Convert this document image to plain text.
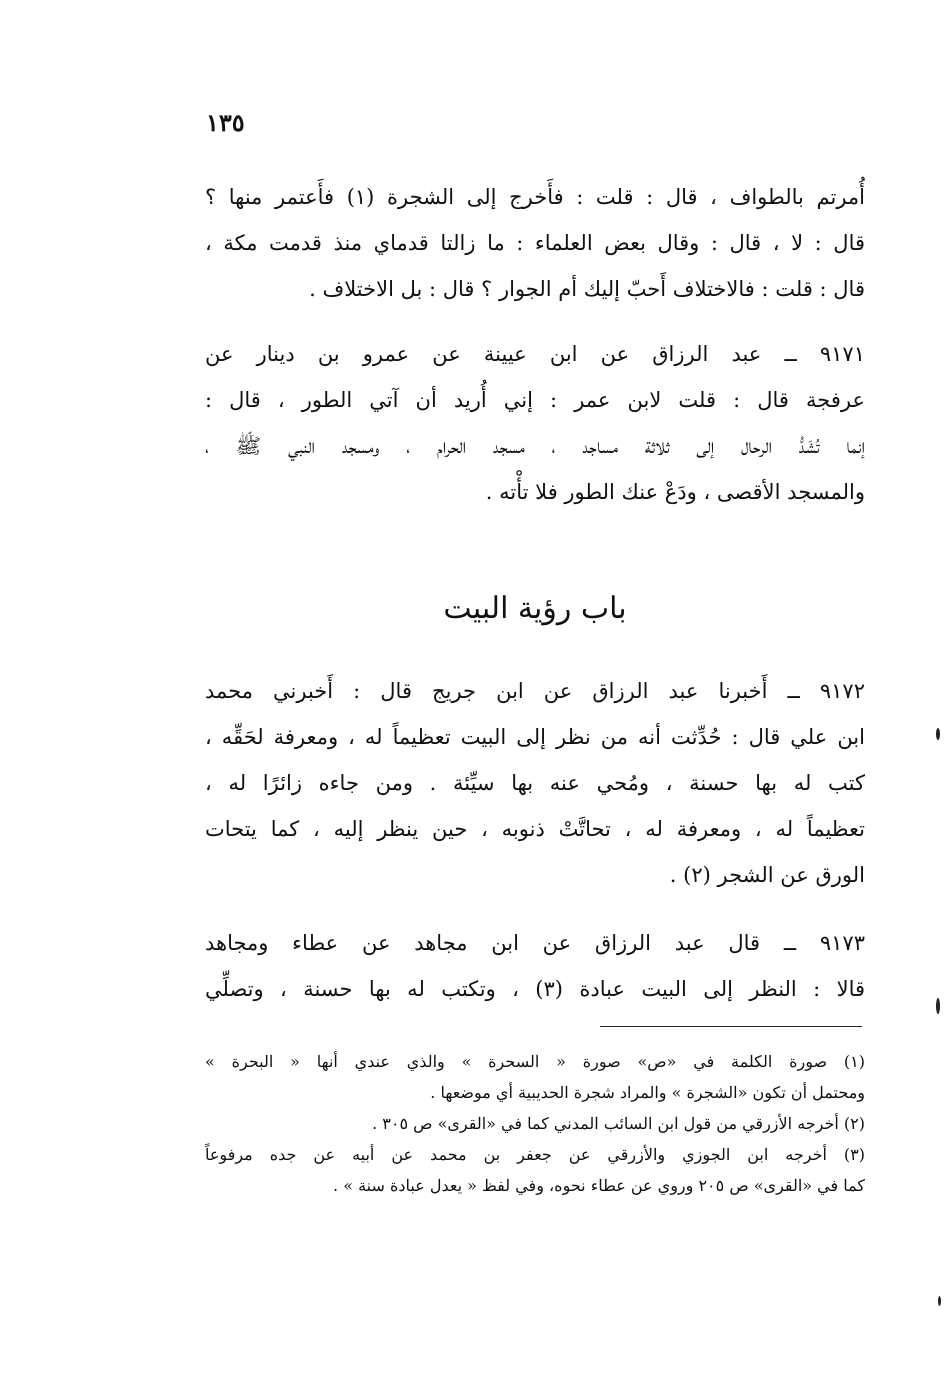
١٣٥
أُمرتم بالطواف ، قال : قلت : فأَخرج إلى الشجرة (١) فأَعتمر منها ؟
قال : لا ، قال : وقال بعض العلماء : ما زالتا قدماي منذ قدمت مكة ،
قال : قلت : فالاختلاف أَحبّ إليك أم الجوار ؟ قال : بل الاختلاف .
٩١٧١ ــ عبد الرزاق عن ابن عيينة عن عمرو بن دينار عن
عرفجة قال : قلت لابن عمر : إني أُريد أن آتي الطور ، قال :
إنما تُشَدُّ الرحال إلى ثلاثة مساجد ، مسجد الحرام ، ومسجد النبي ﷺ ،
والمسجد الأقصى ، ودَعْ عنك الطور فلا تأْته .
باب رؤية البيت
٩١٧٢ ــ أَخبرنا عبد الرزاق عن ابن جريج قال : أَخبرني محمد
ابن علي قال : حُدِّثت أنه من نظر إلى البيت تعظيماً له ، ومعرفة لحَقِّه ،
كتب له بها حسنة ، ومُحي عنه بها سيِّئة . ومن جاءه زائرًا له ،
تعظيماً له ، ومعرفة له ، تحاتَّتْ ذنوبه ، حين ينظر إليه ، كما يتحات
الورق عن الشجر (٢) .
٩١٧٣ ــ قال عبد الرزاق عن ابن مجاهد عن عطاء ومجاهد
قالا : النظر إلى البيت عبادة (٣) ، وتكتب له بها حسنة ، وتصلِّي
(١) صورة الكلمة في «ص» صورة « السحرة » والذي عندي أنها « البحرة »
ومحتمل أن تكون «الشجرة » والمراد شجرة الحديبية أي موضعها .
(٢) أخرجه الأزرقي من قول ابن السائب المدني كما في «القرى» ص ٣٠٥ .
(٣) أخرجه ابن الجوزي والأزرقي عن جعفر بن محمد عن أبيه عن جده مرفوعاً
كما في «القرى» ص ٢٠٥ وروي عن عطاء نحوه، وفي لفظ « يعدل عبادة سنة » .
